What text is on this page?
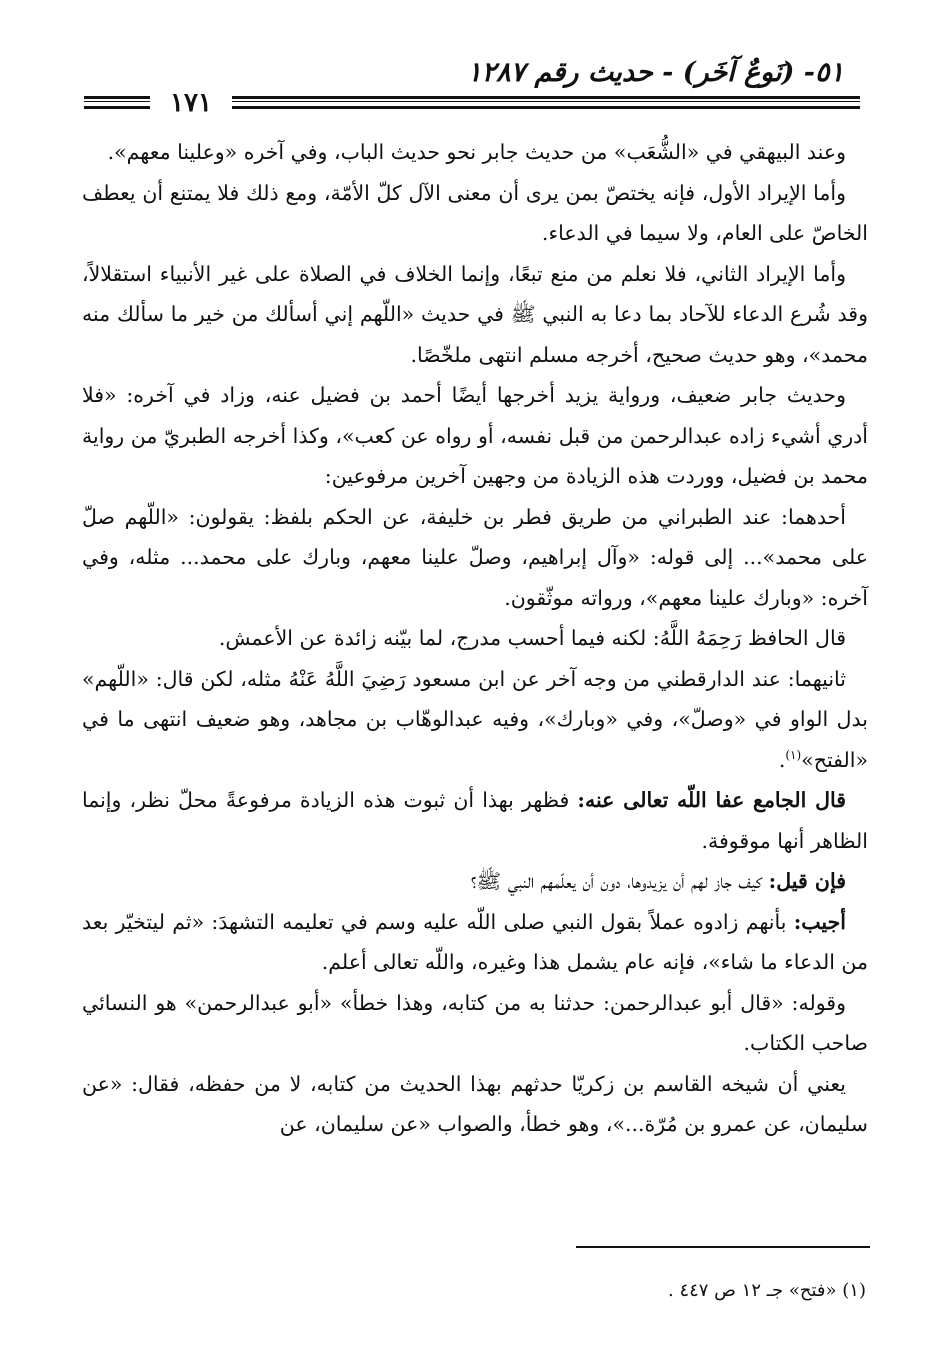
٥١- (نَوعٌ آخَر) - حديث رقم ١٢٨٧
١٧١

وعند البيهقي في «الشُّعَب» من حديث جابر نحو حديث الباب، وفي آخره «وعلينا معهم».

وأما الإيراد الأول، فإنه يختصّ بمن يرى أن معنى الآل كلّ الأمّة، ومع ذلك فلا يمتنع أن يعطف الخاصّ على العام، ولا سيما في الدعاء.

وأما الإيراد الثاني، فلا نعلم من منع تبعًا، وإنما الخلاف في الصلاة على غير الأنبياء استقلالاً، وقد شُرع الدعاء للآحاد بما دعا به النبي ﷺ في حديث «اللّهم إني أسألك من خير ما سألك منه محمد»، وهو حديث صحيح، أخرجه مسلم انتهى ملخّصًا.

وحديث جابر ضعيف، ورواية يزيد أخرجها أيضًا أحمد بن فضيل عنه، وزاد في آخره: «فلا أدري أشيء زاده عبدالرحمن من قبل نفسه، أو رواه عن كعب»، وكذا أخرجه الطبريّ من رواية محمد بن فضيل، ووردت هذه الزيادة من وجهين آخرين مرفوعين:

أحدهما: عند الطبراني من طريق فطر بن خليفة، عن الحكم بلفظ: يقولون: «اللّهم صلّ على محمد»... إلى قوله: «وآل إبراهيم، وصلّ علينا معهم، وبارك على محمد... مثله، وفي آخره: «وبارك علينا معهم»، ورواته موثّقون.

قال الحافظ رَحِمَهُ اللَّهُ: لكنه فيما أحسب مدرج، لما بيّنه زائدة عن الأعمش.

ثانيهما: عند الدارقطني من وجه آخر عن ابن مسعود رَضِيَ اللَّهُ عَنْهُ مثله، لكن قال: «اللّهم» بدل الواو في «وصلّ»، وفي «وبارك»، وفيه عبدالوهّاب بن مجاهد، وهو ضعيف انتهى ما في «الفتح»$^{(١)}$.

قال الجامع عفا اللّه تعالى عنه: فظهر بهذا أن ثبوت هذه الزيادة مرفوعةً محلّ نظر، وإنما الظاهر أنها موقوفة.

فإن قيل: كيف جاز لهم أن يزيدوها، دون أن يعلّمهم النبي ﷺ؟

أجيب: بأنهم زادوه عملاً بقول النبي صلى اللّه عليه وسم في تعليمه التشهدَ: «ثم ليتخيّر بعد من الدعاء ما شاء»، فإنه عام يشمل هذا وغيره، واللّه تعالى أعلم.

وقوله: «قال أبو عبدالرحمن: حدثنا به من كتابه، وهذا خطأ» «أبو عبدالرحمن» هو النسائي صاحب الكتاب.

يعني أن شيخه القاسم بن زكريّا حدثهم بهذا الحديث من كتابه، لا من حفظه، فقال: «عن سليمان، عن عمرو بن مُرّة...»، وهو خطأ، والصواب «عن سليمان، عن

(١) «فتح» جـ ١٢ ص ٤٤٧ .
